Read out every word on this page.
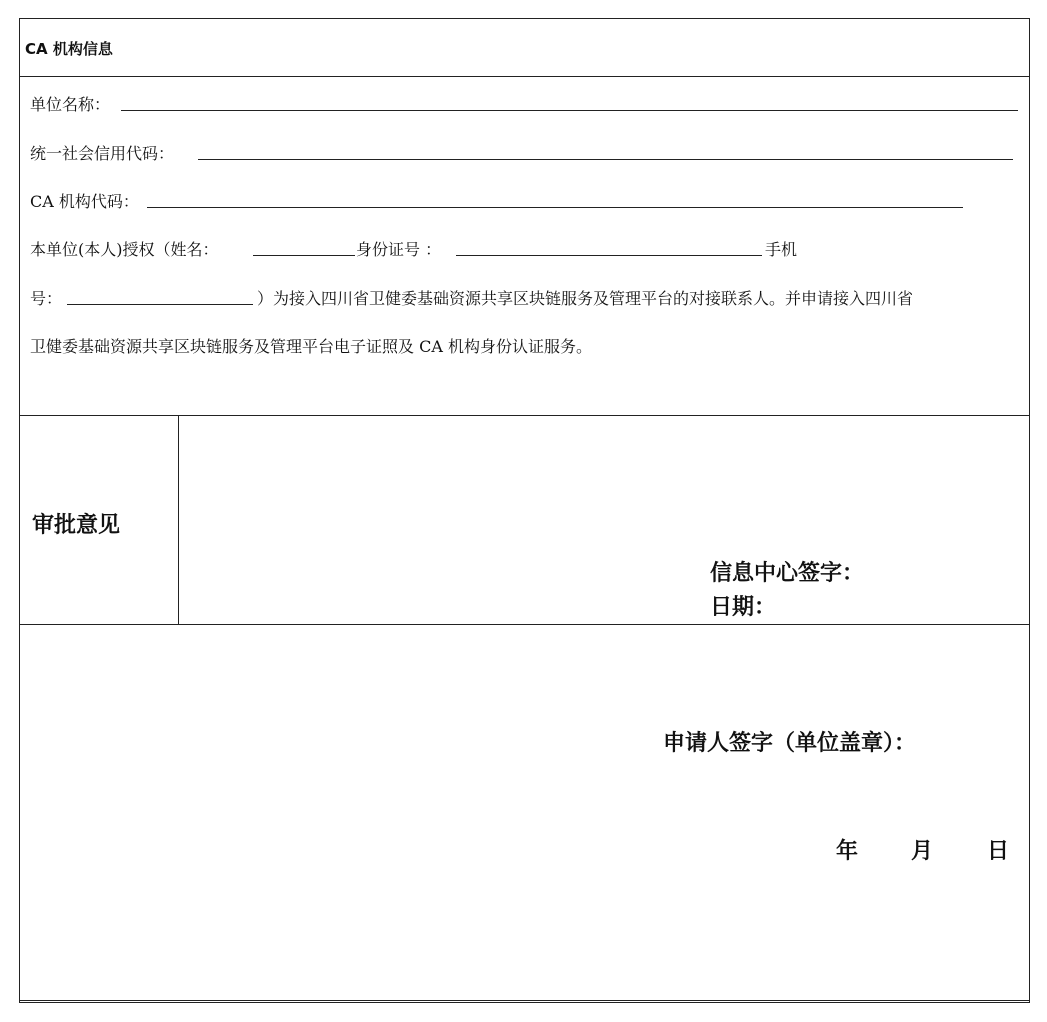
CA 机构信息
单位名称：
统一社会信用代码：
CA 机构代码：
本单位(本人)授权（姓名：	身份证号 ：	手机
号：	）为接入四川省卫健委基础资源共享区块链服务及管理平台的对接联系人。并申请接入四川省
卫健委基础资源共享区块链服务及管理平台电子证照及 CA 机构身份认证服务。
审批意见
信息中心签字：
日期：
申请人签字（单位盖章）：
年 月 日
